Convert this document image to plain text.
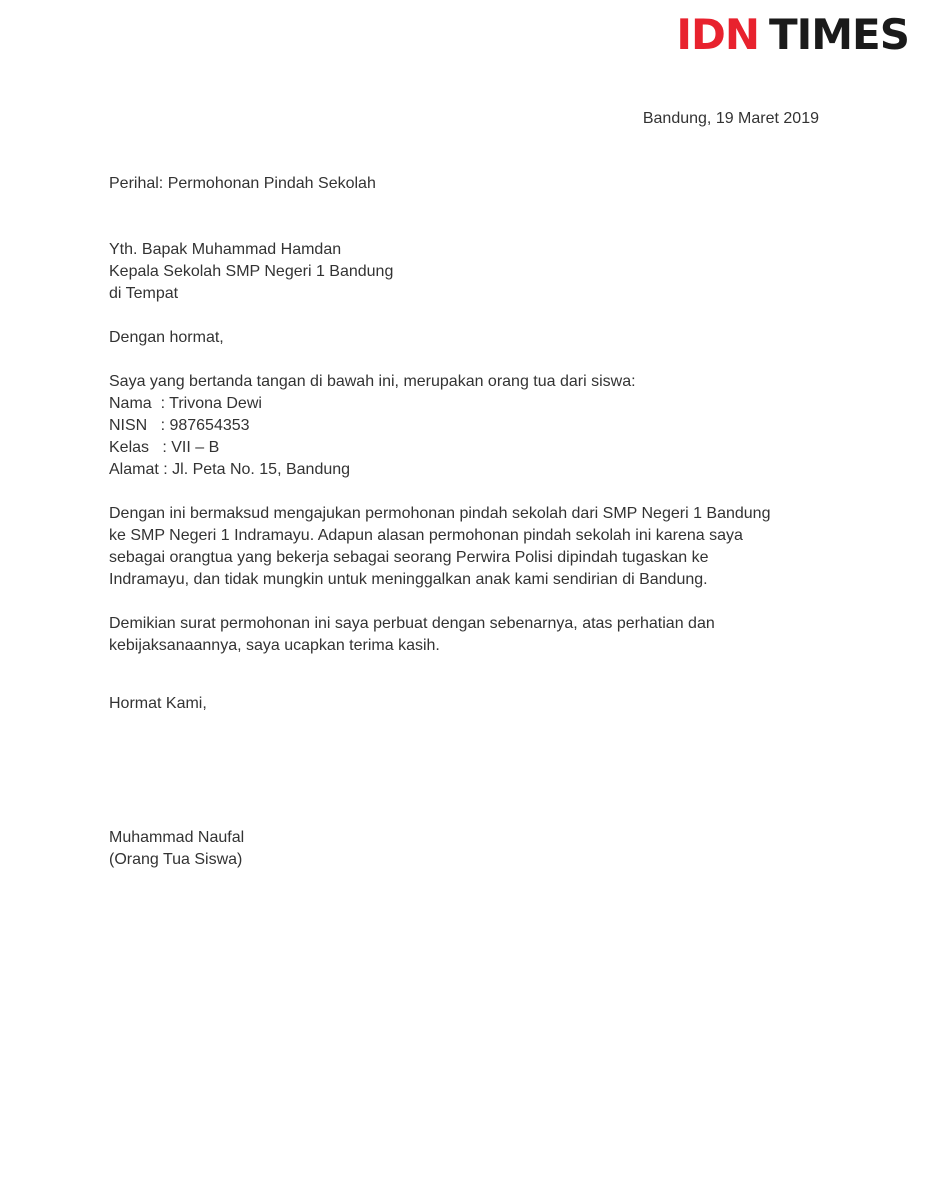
IDN TIMES

Bandung, 19 Maret 2019

Perihal: Permohonan Pindah Sekolah
Yth. Bapak Muhammad Hamdan
Kepala Sekolah SMP Negeri 1 Bandung
di Tempat
Dengan hormat,
Saya yang bertanda tangan di bawah ini, merupakan orang tua dari siswa:
Nama  : Trivona Dewi
NISN   : 987654353
Kelas   : VII – B
Alamat : Jl. Peta No. 15, Bandung
Dengan ini bermaksud mengajukan permohonan pindah sekolah dari SMP Negeri 1 Bandung
ke SMP Negeri 1 Indramayu. Adapun alasan permohonan pindah sekolah ini karena saya
sebagai orangtua yang bekerja sebagai seorang Perwira Polisi dipindah tugaskan ke
Indramayu, dan tidak mungkin untuk meninggalkan anak kami sendirian di Bandung.
Demikian surat permohonan ini saya perbuat dengan sebenarnya, atas perhatian dan
kebijaksanaannya, saya ucapkan terima kasih.
Hormat Kami,
Muhammad Naufal
(Orang Tua Siswa)
